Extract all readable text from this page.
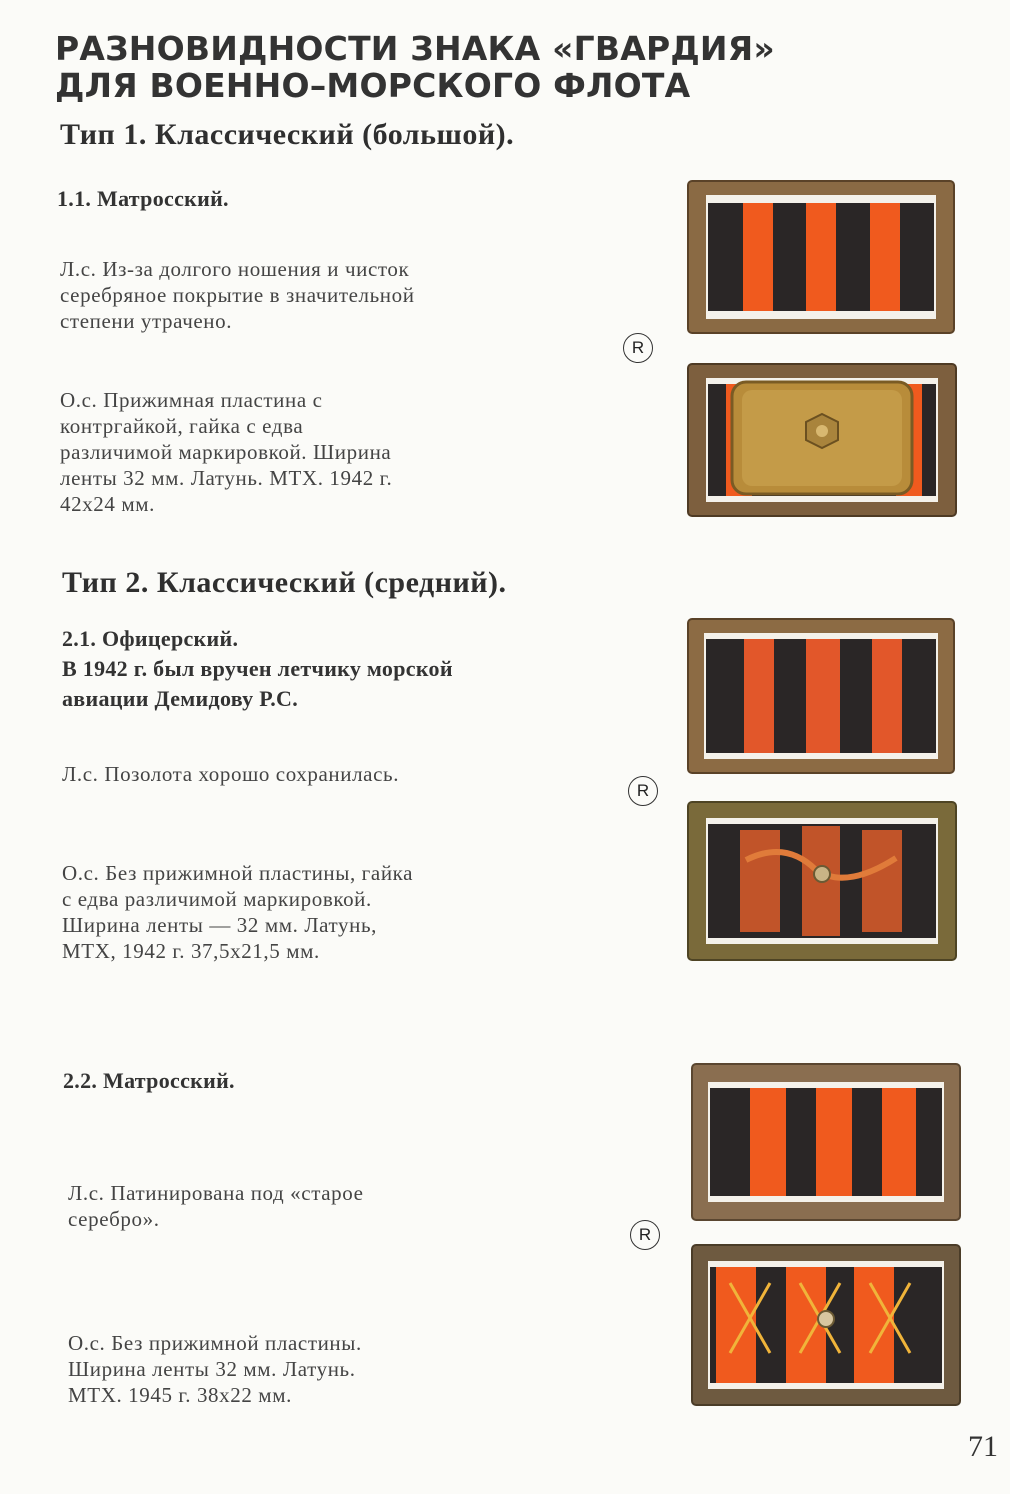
РАЗНОВИДНОСТИ ЗНАКА «ГВАРДИЯ»
ДЛЯ ВОЕННО–МОРСКОГО ФЛОТА
Тип 1. Классический (большой).
1.1. Матросский.
Л.с. Из-за долгого ношения и чисток
серебряное покрытие в значительной
степени утрачено.
О.с. Прижимная пластина с
контргайкой, гайка с едва
различимой маркировкой. Ширина
ленты 32 мм. Латунь. МТХ. 1942 г.
42х24 мм.
R
Тип 2. Классический (средний).
2.1. Офицерский.
В 1942 г. был вручен летчику морской
авиации Демидову Р.С.
Л.с. Позолота хорошо сохранилась.
О.с. Без прижимной пластины, гайка
с едва различимой маркировкой.
Ширина ленты — 32 мм. Латунь,
МТХ, 1942 г. 37,5х21,5 мм.
R
2.2. Матросский.
Л.с. Патинирована под «старое
серебро».
О.с. Без прижимной пластины.
Ширина ленты 32 мм. Латунь.
МТХ. 1945 г. 38х22 мм.
R
71
